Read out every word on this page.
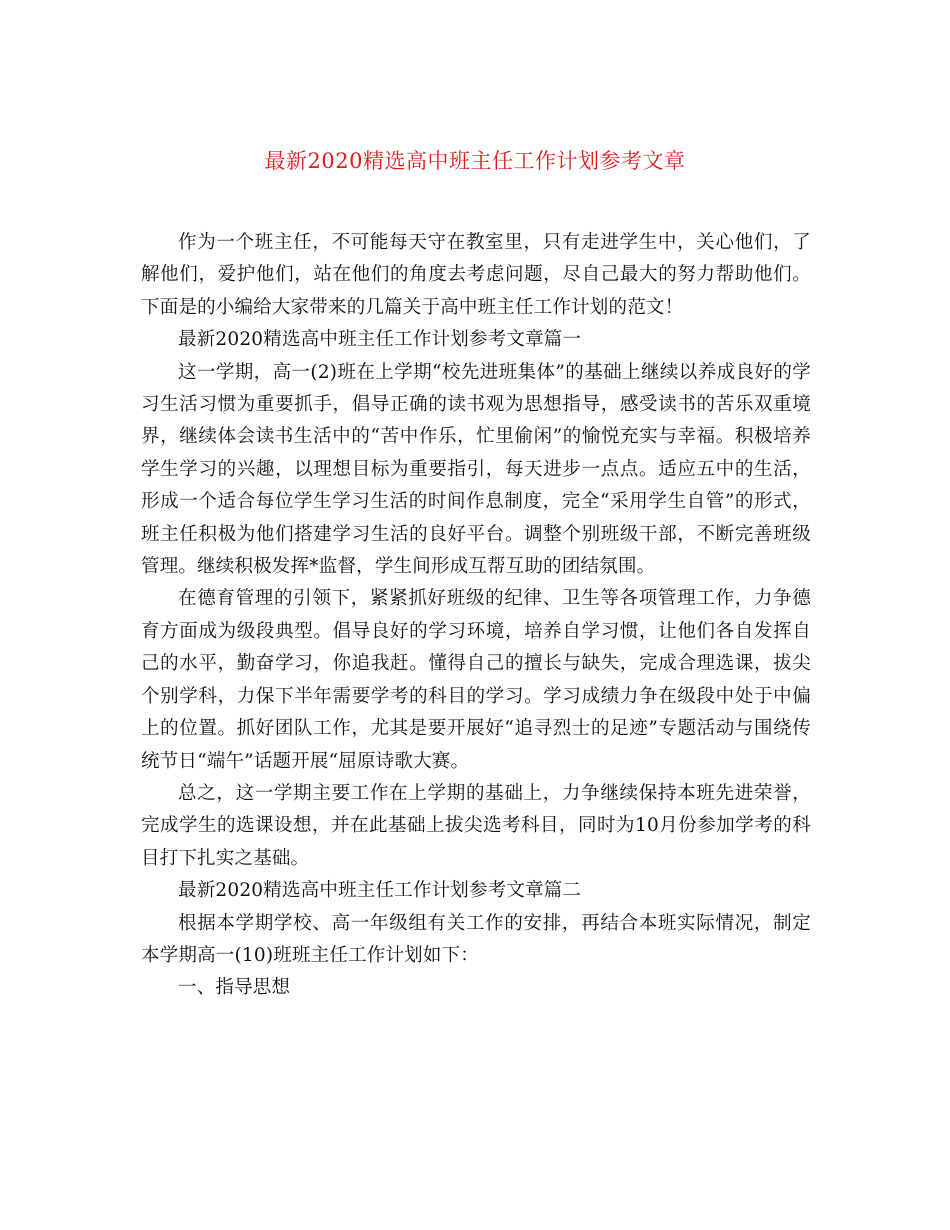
最新2020精选高中班主任工作计划参考文章

作为一个班主任，不可能每天守在教室里，只有走进学生中，关心他们，了解他们，爱护他们，站在他们的角度去考虑问题，尽自己最大的努力帮助他们。下面是的小编给大家带来的几篇关于高中班主任工作计划的范文！

最新2020精选高中班主任工作计划参考文章篇一

这一学期，高一(2)班在上学期“校先进班集体”的基础上继续以养成良好的学习生活习惯为重要抓手，倡导正确的读书观为思想指导，感受读书的苦乐双重境界，继续体会读书生活中的“苦中作乐，忙里偷闲”的愉悦充实与幸福。积极培养学生学习的兴趣，以理想目标为重要指引，每天进步一点点。适应五中的生活，形成一个适合每位学生学习生活的时间作息制度，完全“采用学生自管”的形式，班主任积极为他们搭建学习生活的良好平台。调整个别班级干部，不断完善班级管理。继续积极发挥*监督，学生间形成互帮互助的团结氛围。

在德育管理的引领下，紧紧抓好班级的纪律、卫生等各项管理工作，力争德育方面成为级段典型。倡导良好的学习环境，培养自学习惯，让他们各自发挥自己的水平，勤奋学习，你追我赶。懂得自己的擅长与缺失，完成合理选课，拔尖个别学科，力保下半年需要学考的科目的学习。学习成绩力争在级段中处于中偏上的位置。抓好团队工作，尤其是要开展好“追寻烈士的足迹”专题活动与围绕传统节日“端午”话题开展“屈原诗歌大赛。

总之，这一学期主要工作在上学期的基础上，力争继续保持本班先进荣誉，完成学生的选课设想，并在此基础上拔尖选考科目，同时为10月份参加学考的科目打下扎实之基础。

最新2020精选高中班主任工作计划参考文章篇二

根据本学期学校、高一年级组有关工作的安排，再结合本班实际情况，制定本学期高一(10)班班主任工作计划如下：

一、指导思想
